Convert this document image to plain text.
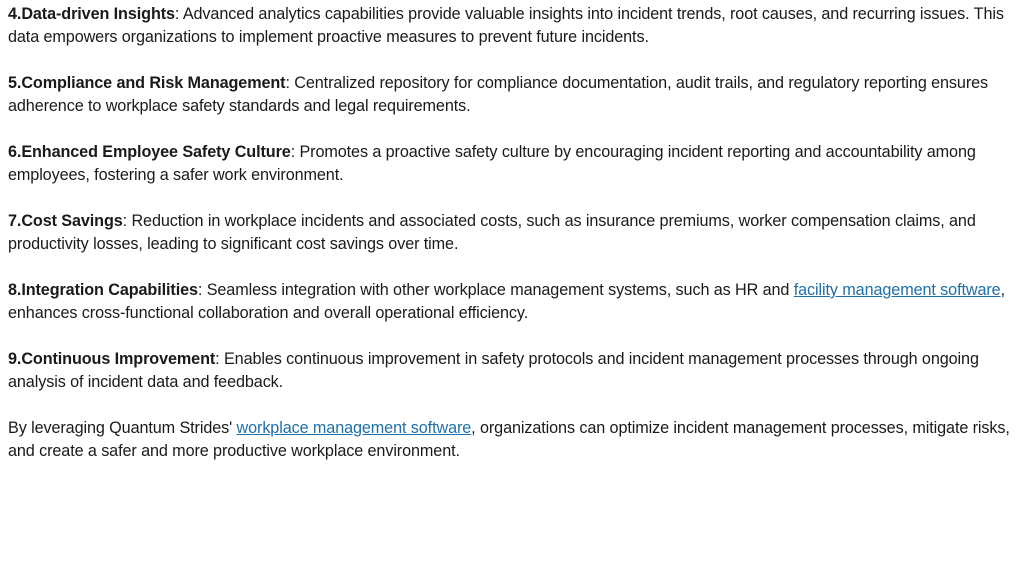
4.Data-driven Insights: Advanced analytics capabilities provide valuable insights into incident trends, root causes, and recurring issues. This data empowers organizations to implement proactive measures to prevent future incidents.

5.Compliance and Risk Management: Centralized repository for compliance documentation, audit trails, and regulatory reporting ensures adherence to workplace safety standards and legal requirements.

6.Enhanced Employee Safety Culture: Promotes a proactive safety culture by encouraging incident reporting and accountability among employees, fostering a safer work environment.

7.Cost Savings: Reduction in workplace incidents and associated costs, such as insurance premiums, worker compensation claims, and productivity losses, leading to significant cost savings over time.

8.Integration Capabilities: Seamless integration with other workplace management systems, such as HR and facility management software, enhances cross-functional collaboration and overall operational efficiency.

9.Continuous Improvement: Enables continuous improvement in safety protocols and incident management processes through ongoing analysis of incident data and feedback.

By leveraging Quantum Strides' workplace management software, organizations can optimize incident management processes, mitigate risks, and create a safer and more productive workplace environment.
